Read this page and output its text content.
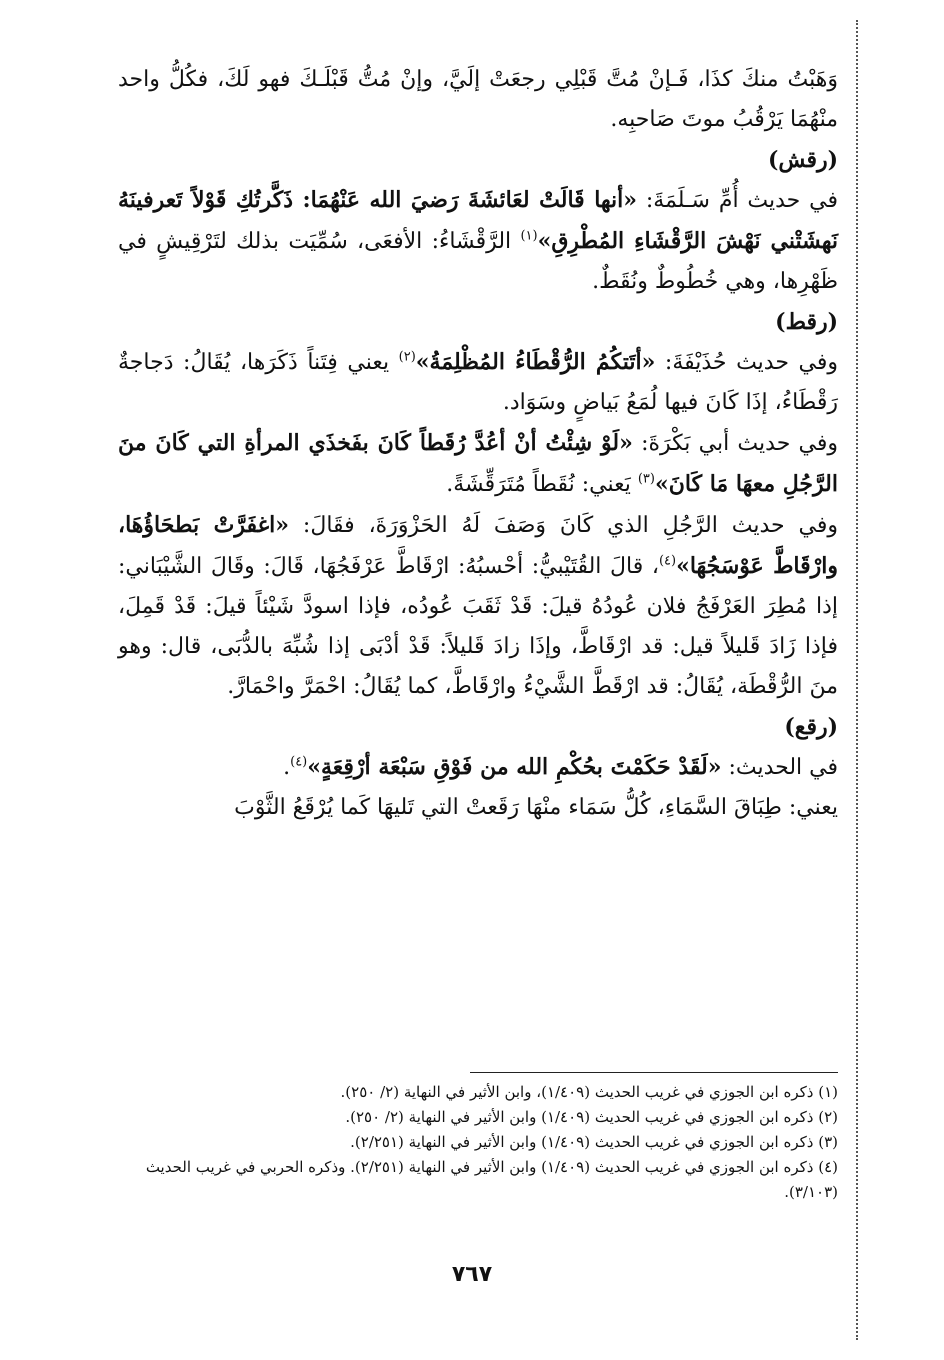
وَهَبْتُ منكَ كذَا، فَـإنْ مُتَّ قَبْلِي رجعَتْ إلَيَّ، وإنْ مُتُّ قَبْلَـكَ فهو لَكَ، فكُلُّ واحد منْهُمَا يَرْقُبُ موتَ صَاحبِه.

(رقش)

في حديث أُمِّ سَـلَمَةَ: «أنها قَالَتْ لعَائشَةَ رَضيَ الله عَنْهُمَا: ذَكَّرتُكِ قَوْلاً تَعرفينَهُ نَهشَتْني نَهْشَ الرَّقْشَاءِ المُطْرِقِ»$^{(١)}$ الرَّقْشَاءُ: الأفعَى، سُمِّيَت بذلك لتَرْقِيشٍ في ظَهْرِها، وهي خُطُوطٌ ونُقَطٌ.

(رقط)

وفي حديث حُذَيْفَةَ: «أتَتكُمُ الرُّقْطَاءُ المُظْلِمَةُ»$^{(٢)}$ يعني فِتَناً ذَكَرَها، يُقَالُ: دَجاجةٌ رَقْطَاءُ، إذَا كَانَ فيها لُمَعُ بَياضٍ وسَوَاد.

وفي حديث أبي بَكْرَةَ: «لَوْ شِئْتُ أنْ أعُدَّ رُقَطاً كَانَ بفَخذَي المرأةِ التي كَانَ منَ الرَّجُلِ معهَا مَا كَانَ»$^{(٣)}$ يَعني: نُقَطاً مُتَرَقِّشَةً.

وفي حديث الرَّجُلِ الذي كَانَ وَصَفَ لَهُ الحَزْوَرَةَ، فقَالَ: «اغفَرَّتْ بَطحَاؤُهَا، وارْقَاطَّ عَوْسَجُهَا»$^{(٤)}$، قالَ القُتَيْبيُّ: أحْسبُهُ: ارْقَاطَّ عَرْفَجُهَا، قَالَ: وقَالَ الشَّيْبَاني: إذا مُطِرَ العَرْفَجُ فلان عُودُهُ قيلَ: قَدْ ثَقَبَ عُودُه، فإذا اسودَّ شَيْئاً قيلَ: قَدْ قَمِلَ، فإذا زَادَ قَليلاً قيل: قد ارْقَاطَّ، وإذَا زادَ قَليلاً: قَدْ أدْبَى إذا شُبِّهَ بالدُّبَى، قال: وهو منَ الرُّقْطَة، يُقَالُ: قد ارْقَطَّ الشَّيْءُ وارْقَاطَّ، كما يُقَالُ: احْمَرَّ واحْمَارَّ.

(رقع)

في الحديث: «لَقَدْ حَكَمْتَ بحُكْمِ الله من فَوْقِ سَبْعَة أرْقِعَةٍ»$^{(٤)}$.

يعني: طِبَاقَ السَّمَاءِ، كُلُّ سَمَاء منْهَا رَقَعتْ التي تَليهَا كَما يُرْقَعُ الثَّوْبَ

(١) ذكره ابن الجوزي في غريب الحديث (١/٤٠٩)، وابن الأثير في النهاية (٢/ ٢٥٠).

(٢) ذكره ابن الجوزي في غريب الحديث (١/٤٠٩) وابن الأثير في النهاية (٢/ ٢٥٠).

(٣) ذكره ابن الجوزي في غريب الحديث (١/٤٠٩) وابن الأثير في النهاية (٢/٢٥١).

(٤) ذكره ابن الجوزي في غريب الحديث (١/٤٠٩) وابن الأثير في النهاية (٢/٢٥١). وذكره الحربي في غريب الحديث (٣/١٠٣).

٧٦٧
